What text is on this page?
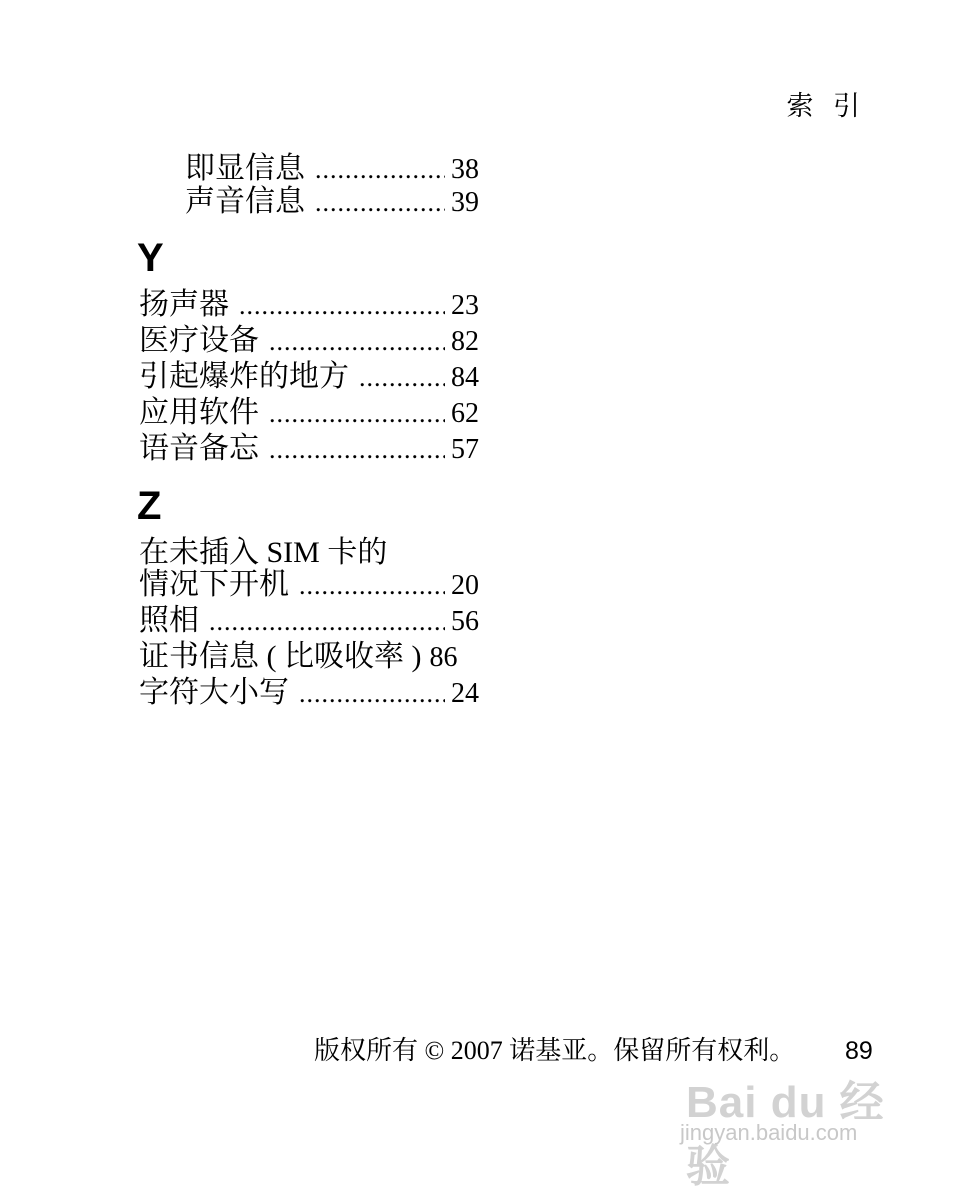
索 引
即显信息 .....	38
声音信息 .....	39
扬声器 .....	23
医疗设备 .....	82
引起爆炸的地方 .....	84
应用软件 .....	62
语音备忘 .....	57
在未插入 SIM 卡的
情况下开机 .....	20
照相 .....	56
证书信息 ( 比吸收率 ) 86
字符大小写 .....	24
Y
Z
版权所有 © 2007 诺基亚。保留所有权利。 89
Bai du 经验
jingyan.baidu.com
